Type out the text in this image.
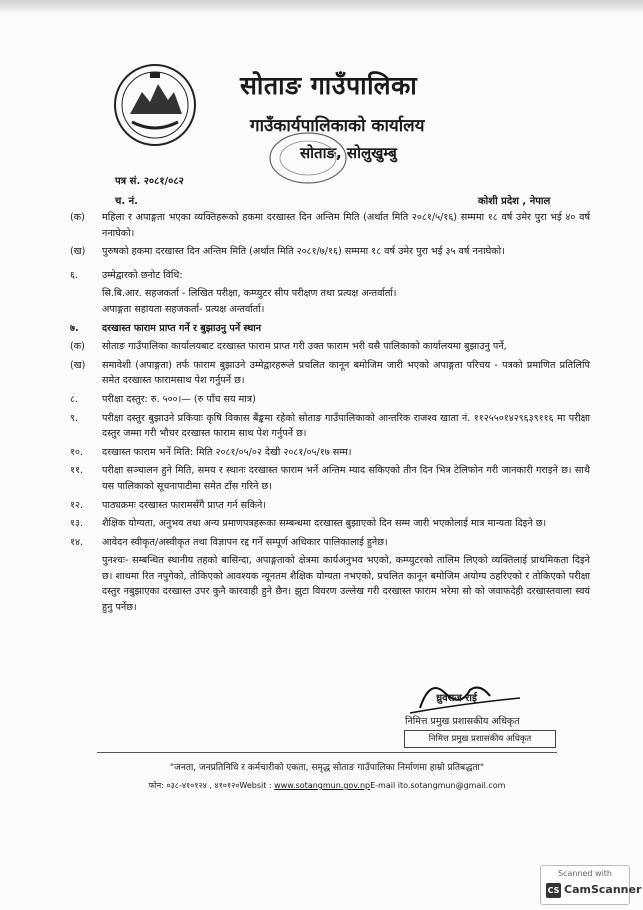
सोताङ गाउँपालिका
गाउँकार्यपालिकाको कार्यालय
सोताङ, सोलुखुम्बु
पत्र सं. २०८१/०८२
च. नं.	कोशी प्रदेश , नेपाल
(क)	महिला र अपाङ्गता भएका व्यक्तिहरूको हकमा दरखास्त दिन अन्तिम मिति (अर्थात मिति २०८१/५/१६) सम्ममा १८ वर्ष उमेर पुरा भई ४० वर्ष ननाघेको।
(ख)	पुरुषको हकमा दरखास्त दिन अन्तिम मिति (अर्थात मिति २०८१/७/१६) सम्ममा १८ वर्ष उमेर पुरा भई ३५ वर्ष ननाघेको।
६.	उम्मेद्वारको छनोट विधि:
सि.बि.आर. सहजकर्ता - लिखित परीक्षा, कम्प्युटर सीप परीक्षण तथा प्रत्यक्ष अन्तर्वार्ता।
अपाङ्गता सहायता सहजकर्ता- प्रत्यक्ष अन्तर्वार्ता।
७.	दरखास्त फाराम प्राप्त गर्ने र बुझाउनु पर्ने स्थान
(क)	सोताङ गाउँपालिका कार्यालयबाट दरखास्त फाराम प्राप्त गरी उक्त फाराम भरी यसै पालिकाको कार्यालयमा बुझाउनु पर्ने,
(ख)	समावेशी (अपाङ्गता) तर्फ फाराम बुझाउने उम्मेद्वारहरूले प्रचलित कानून बमोजिम जारी भएको अपाङ्गता परिचय - पत्रको प्रमाणित प्रतिलिपि समेत दरखास्त फारामसाथ पेश गर्नुपर्ने छ।
८.	परीक्षा दस्तुर: रु. ५००।— (रु पाँच सय मात्र)
९.	परीक्षा दस्तुर बुझाउने प्रकियाः कृषि विकास बैंङ्कमा रहेको सोताङ गाउँपालिकाको आन्तरिक राजश्व खाता नं. ११२५५०१४२९६३९११६ मा परीक्षा दस्तुर जम्मा गरी भौचर दरखास्त फाराम साथ पेश गर्नुपर्ने छ।
१०.	दरखास्त फाराम भर्ने मिति: मिति २०८१/०५/०२ देखी २०८१/०५/१७ सम्म।
११.	परीक्षा सञ्चालन हुने मिति, समय र स्थानः दरखास्त फाराम भर्ने अन्तिम म्याद सकिएको तीन दिन भित्र टेलिफोन गरी जानकारी गराइने छ। साथै यस पालिकाको सूचनापाटीमा समेत टाँस गरिने छ।
१२.	पाठ्यक्रमः दरखास्त फारामसँगै प्राप्त गर्न सकिने।
१३.	शैक्षिक योग्यता, अनुभव तथा अन्य प्रमाणपत्रहरूका सम्बन्धमा दरखास्त बुझाएको दिन सम्म जारी भएकोलाई मात्र मान्यता दिइने छ।
१४.	आवेदन स्वीकृत/अस्वीकृत तथा विज्ञापन रद्द गर्ने सम्पूर्ण अधिकार पालिकालाई हुनेछ।
पुनश्चः- सम्बन्धित स्थानीय तहको बासिन्दा, अपाङ्गताको क्षेत्रमा कार्यअनुभव भएको, कम्प्युटरको तालिम लिएको व्यक्तिलाई प्राथमिकता दिइने छ। शाथमा रित नपुगेको, तोकिएको आवश्यक न्यूनतम शैक्षिक योग्यता नभएको, प्रचलित कानून बमोजिम अयोग्य ठहरिएको र तोकिएको परीक्षा दस्तुर नबुझाएका दरखास्त उपर कुनै कारवाही हुने छैन। झुटा विवरण उल्लेख गरी दरखास्त फाराम भरेमा सो को जवाफदेही दरखास्तवाला स्वयं हुनु पर्नेछ।
ध्रुवराज राई
निमित्त प्रमुख प्रशासकीय अधिकृत
निमित्त प्रमुख प्रशासकीय अधिकृत
"जनता, जनप्रतिनिधि र कर्मचारीको एकता, समृद्ध सोताङ गाउँपालिका निर्माणमा हाम्रो प्रतिबद्धता"
फोन: ०३८-४१०१२४ , ४१०१२०Websit : www.sotangmun.gov.npE-mail ito.sotangmun@gmail.com
Scanned with
CS CamScanner
